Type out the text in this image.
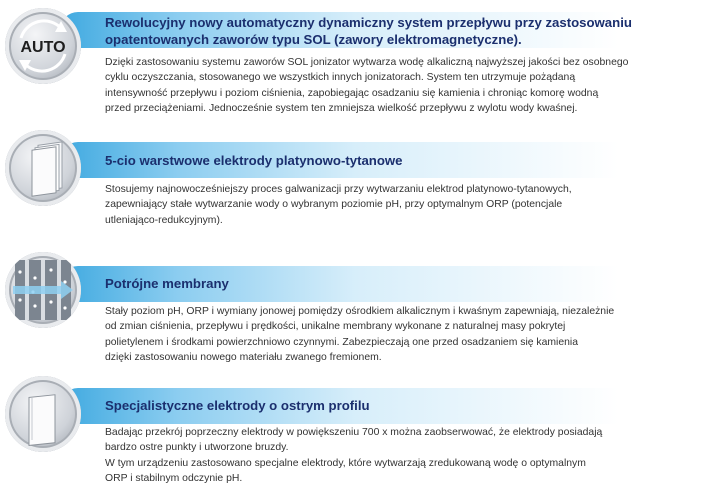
AUTO
Rewolucyjny nowy automatyczny dynamiczny system przepływu przy zastosowaniu
opatentowanych zaworów typu SOL (zawory elektromagnetyczne).
Dzięki zastosowaniu systemu zaworów SOL jonizator wytwarza wodę alkaliczną najwyższej jakości bez osobnego
cyklu oczyszczania, stosowanego we wszystkich innych jonizatorach. System ten utrzymuje pożądaną
intensywność przepływu i poziom ciśnienia, zapobiegając osadzaniu się kamienia i chroniąc komorę wodną
przed przeciążeniami. Jednocześnie system ten zmniejsza wielkość przepływu z wylotu wody kwaśnej.
5-cio warstwowe elektrody platynowo-tytanowe
Stosujemy najnowocześniejszy proces galwanizacji przy wytwarzaniu elektrod platynowo-tytanowych,
zapewniający stałe wytwarzanie wody o wybranym poziomie pH, przy optymalnym ORP (potencjale
utleniająco-redukcyjnym).
Potrójne membrany
Stały poziom pH, ORP i wymiany jonowej pomiędzy ośrodkiem alkalicznym i kwaśnym zapewniają, niezależnie
od zmian ciśnienia, przepływu i prędkości, unikalne membrany wykonane z naturalnej masy pokrytej
polietylenem i środkami powierzchniowo czynnymi. Zabezpieczają one przed osadzaniem się kamienia
dzięki zastosowaniu nowego materiału zwanego fremionem.
Specjalistyczne elektrody o ostrym profilu
Badając przekrój poprzeczny elektrody w powiększeniu 700 x można zaobserwować, że elektrody posiadają
bardzo ostre punkty i utworzone bruzdy.
W tym urządzeniu zastosowano specjalne elektrody, które wytwarzają zredukowaną wodę o optymalnym
ORP i stabilnym odczynie pH.
